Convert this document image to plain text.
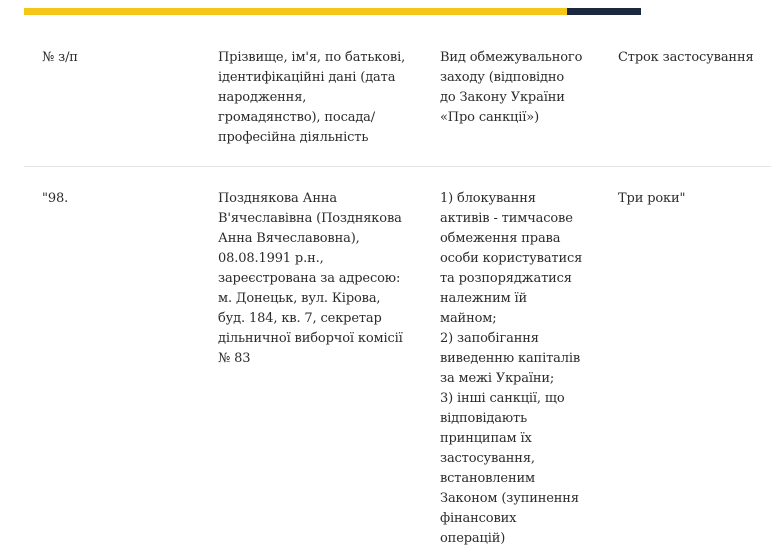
№ з/п	Прізвище, ім'я, по батькові,
ідентифікаційні дані (дата
народження,
громадянство), посада/
професійна діяльність
Вид обмежувального
заходу (відповідно
до Закону України
«Про санкції»)
Строк застосування
"98.	Позднякова Анна
В'ячеславівна (Позднякова
Анна Вячеславовна),
08.08.1991 р.н.,
зареєстрована за адресою:
м. Донецьк, вул. Кірова,
буд. 184, кв. 7, секретар
дільничної виборчої комісії
№ 83
1) блокування
активів - тимчасове
обмеження права
особи користуватися
та розпоряджатися
належним їй
майном;
2) запобігання
виведенню капіталів
за межі України;
3) інші санкції, що
відповідають
принципам їх
застосування,
встановленим
Законом (зупинення
фінансових
операцій)
Три роки"
